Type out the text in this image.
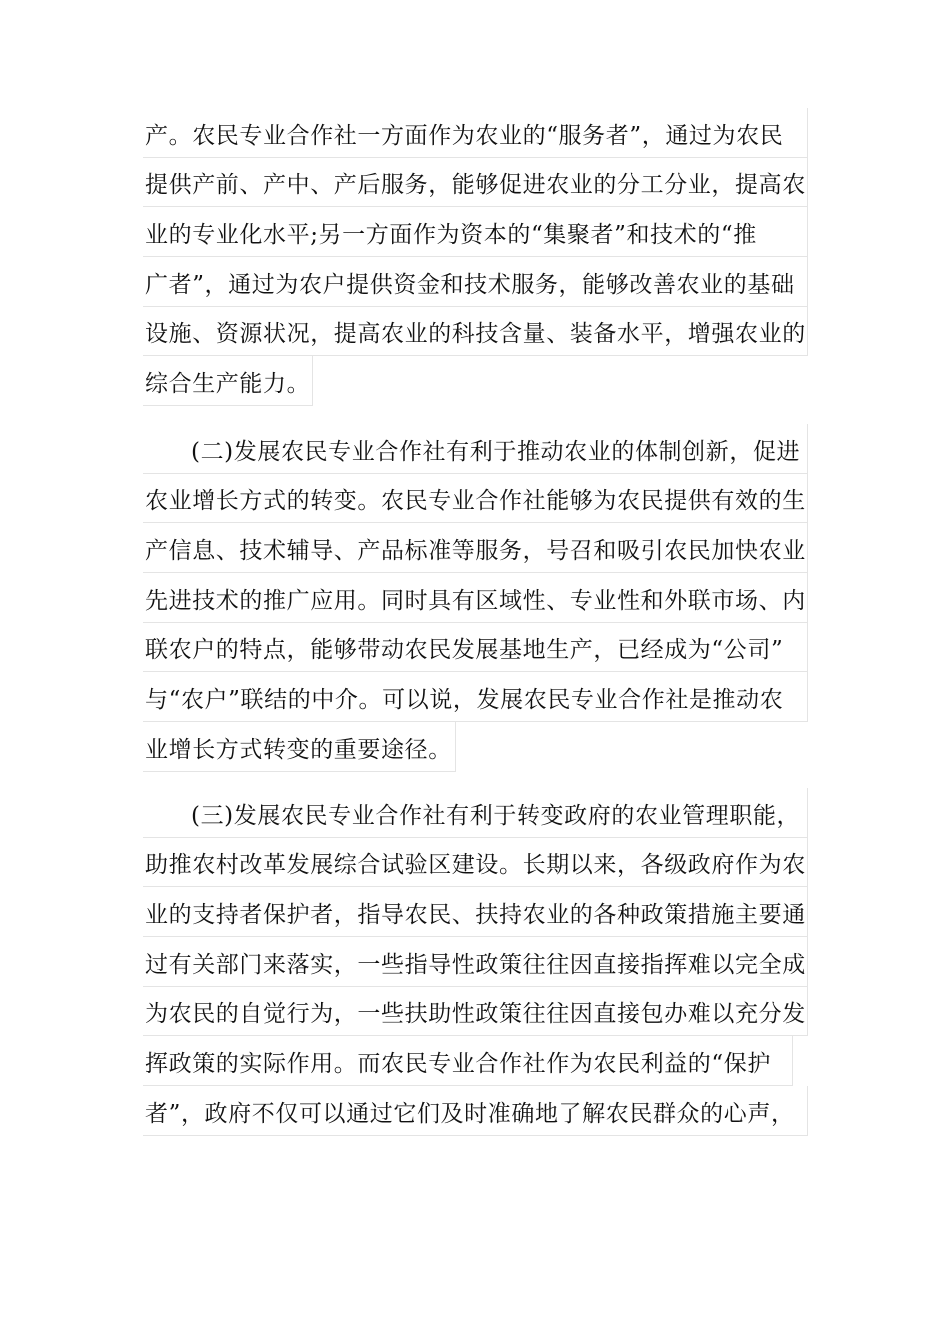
产。农民专业合作社一方面作为农业的“服务者”，通过为农民
提供产前、产中、产后服务，能够促进农业的分工分业，提高农
业的专业化水平;另一方面作为资本的“集聚者”和技术的“推
广者”，通过为农户提供资金和技术服务，能够改善农业的基础
设施、资源状况，提高农业的科技含量、装备水平，增强农业的
综合生产能力。
(二)发展农民专业合作社有利于推动农业的体制创新，促进
农业增长方式的转变。农民专业合作社能够为农民提供有效的生
产信息、技术辅导、产品标准等服务，号召和吸引农民加快农业
先进技术的推广应用。同时具有区域性、专业性和外联市场、内
联农户的特点，能够带动农民发展基地生产，已经成为“公司”
与“农户”联结的中介。可以说，发展农民专业合作社是推动农
业增长方式转变的重要途径。
(三)发展农民专业合作社有利于转变政府的农业管理职能，
助推农村改革发展综合试验区建设。长期以来，各级政府作为农
业的支持者保护者，指导农民、扶持农业的各种政策措施主要通
过有关部门来落实，一些指导性政策往往因直接指挥难以完全成
为农民的自觉行为，一些扶助性政策往往因直接包办难以充分发
挥政策的实际作用。而农民专业合作社作为农民利益的“保护
者”，政府不仅可以通过它们及时准确地了解农民群众的心声，
